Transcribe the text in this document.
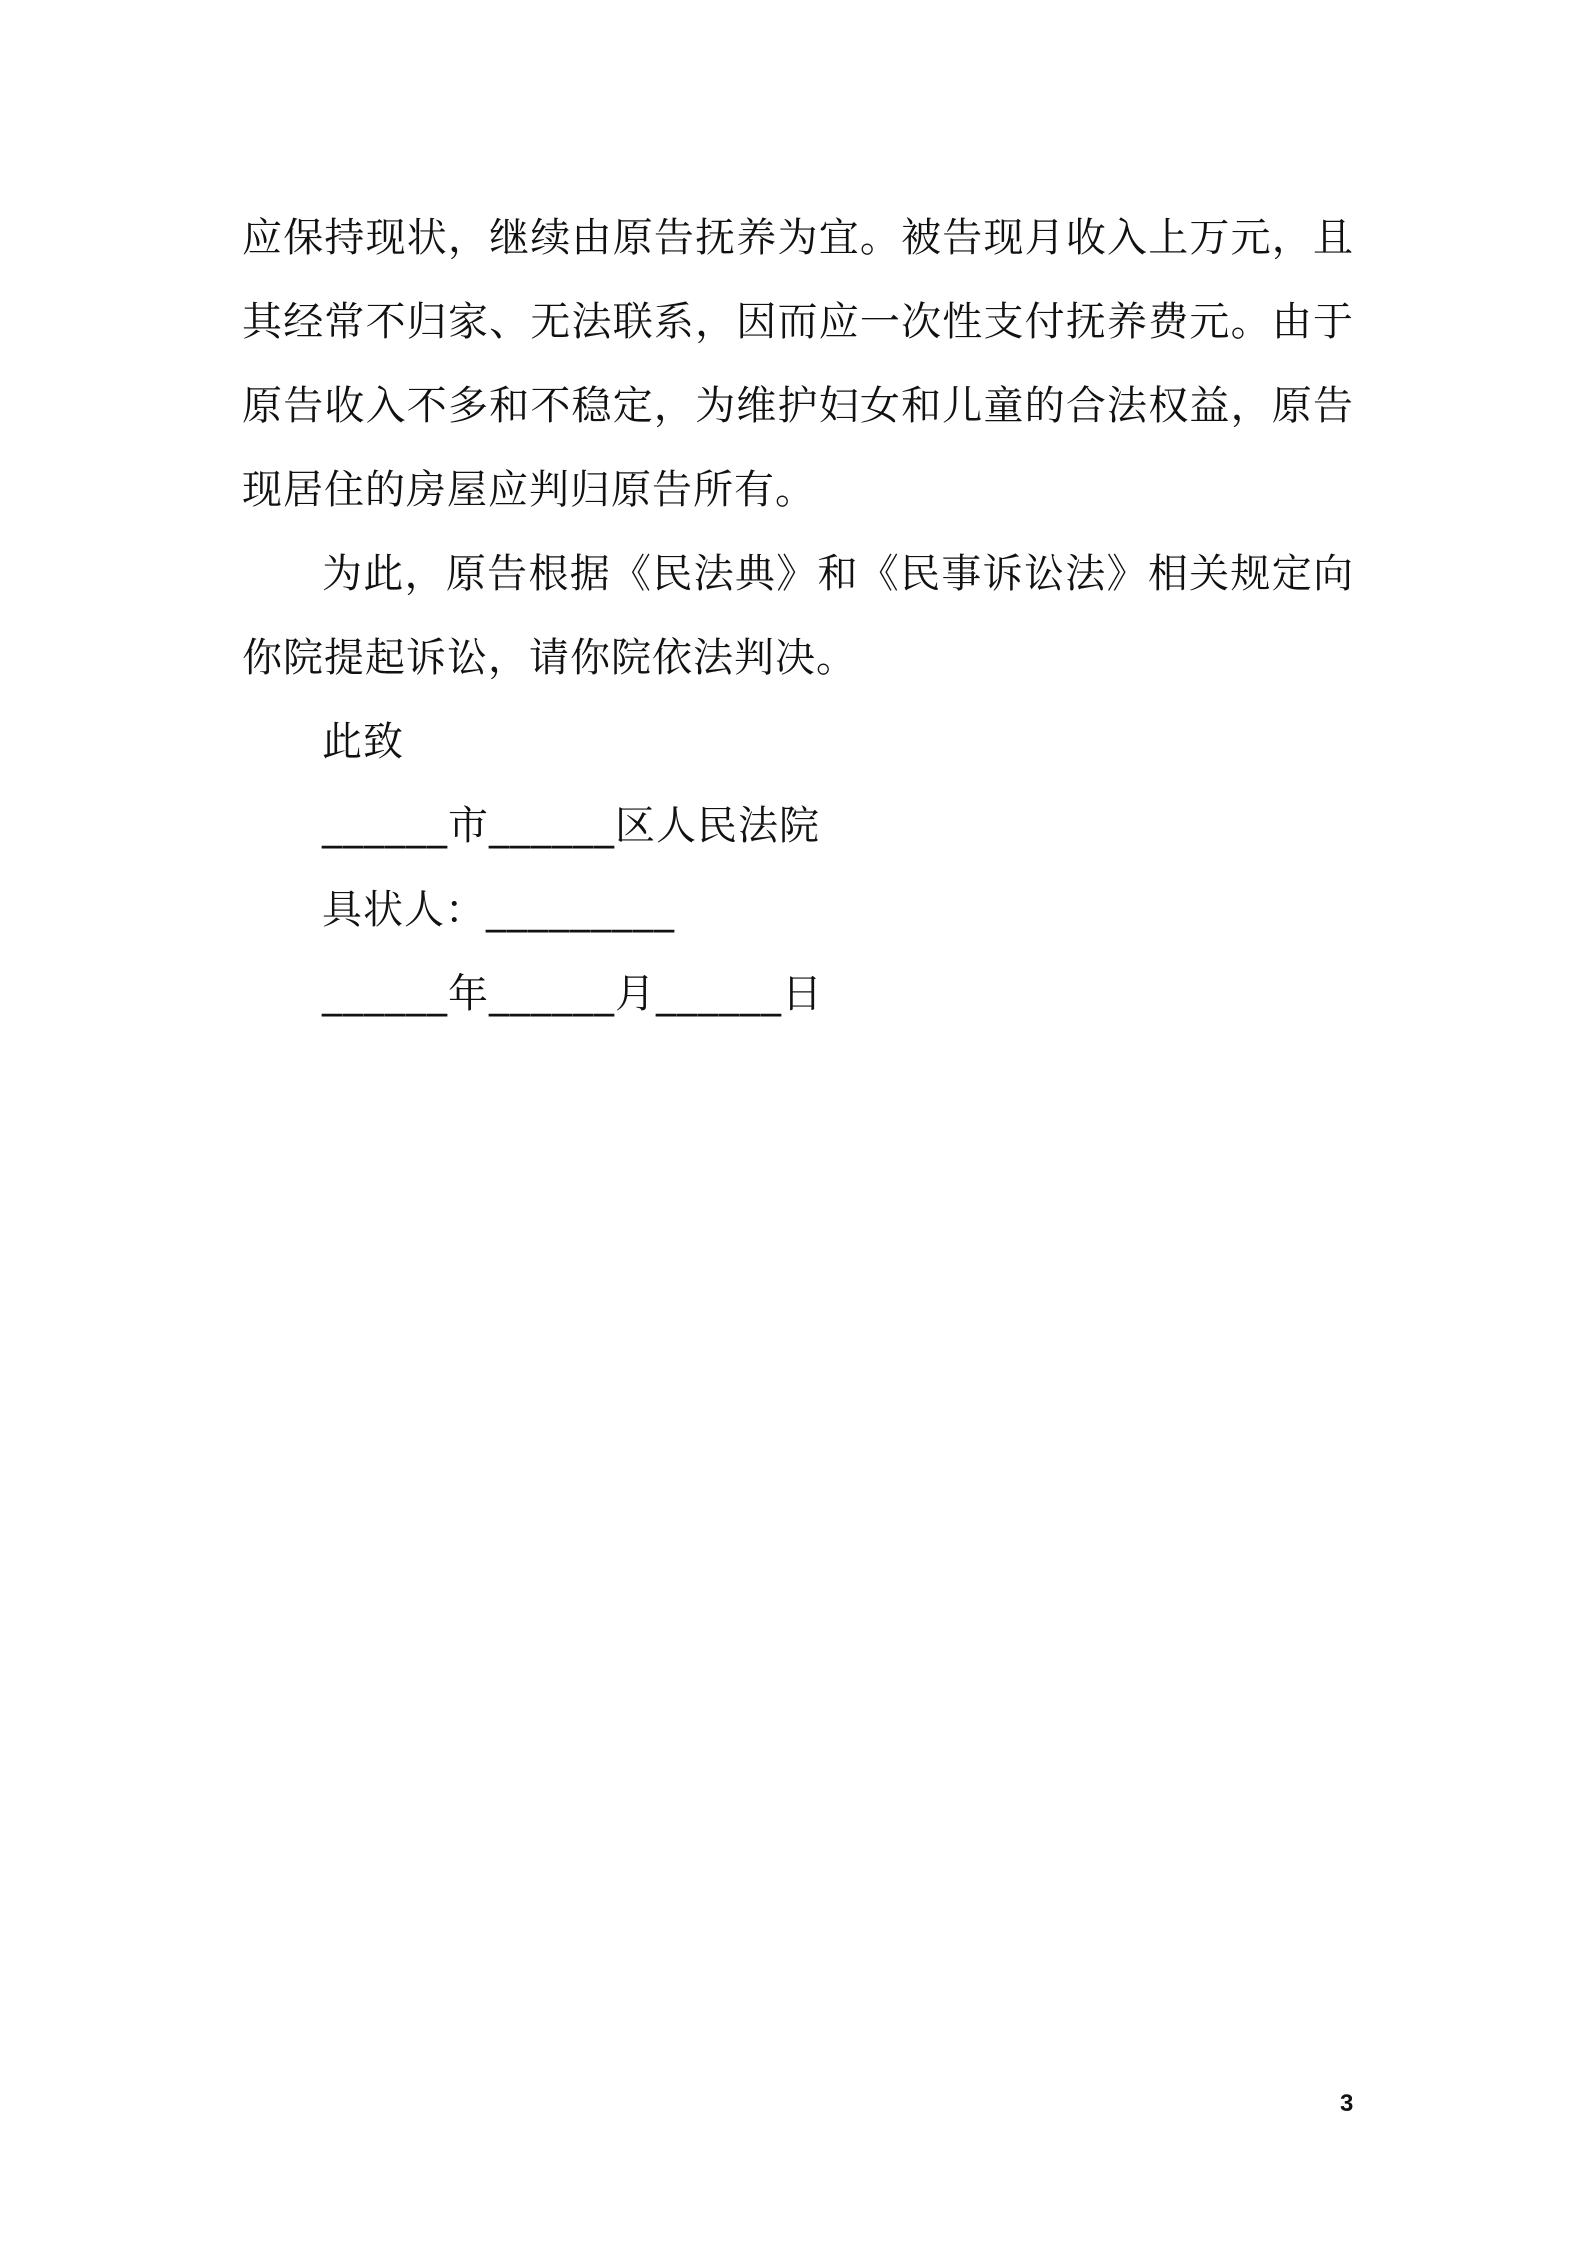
应保持现状，继续由原告抚养为宜。被告现月收入上万元，且其经常不归家、无法联系，因而应一次性支付抚养费元。由于原告收入不多和不稳定，为维护妇女和儿童的合法权益，原告现居住的房屋应判归原告所有。

为此，原告根据《民法典》和《民事诉讼法》相关规定向你院提起诉讼，请你院依法判决。

此致
______市______区人民法院
具状人：_________
______年______月______日
3
